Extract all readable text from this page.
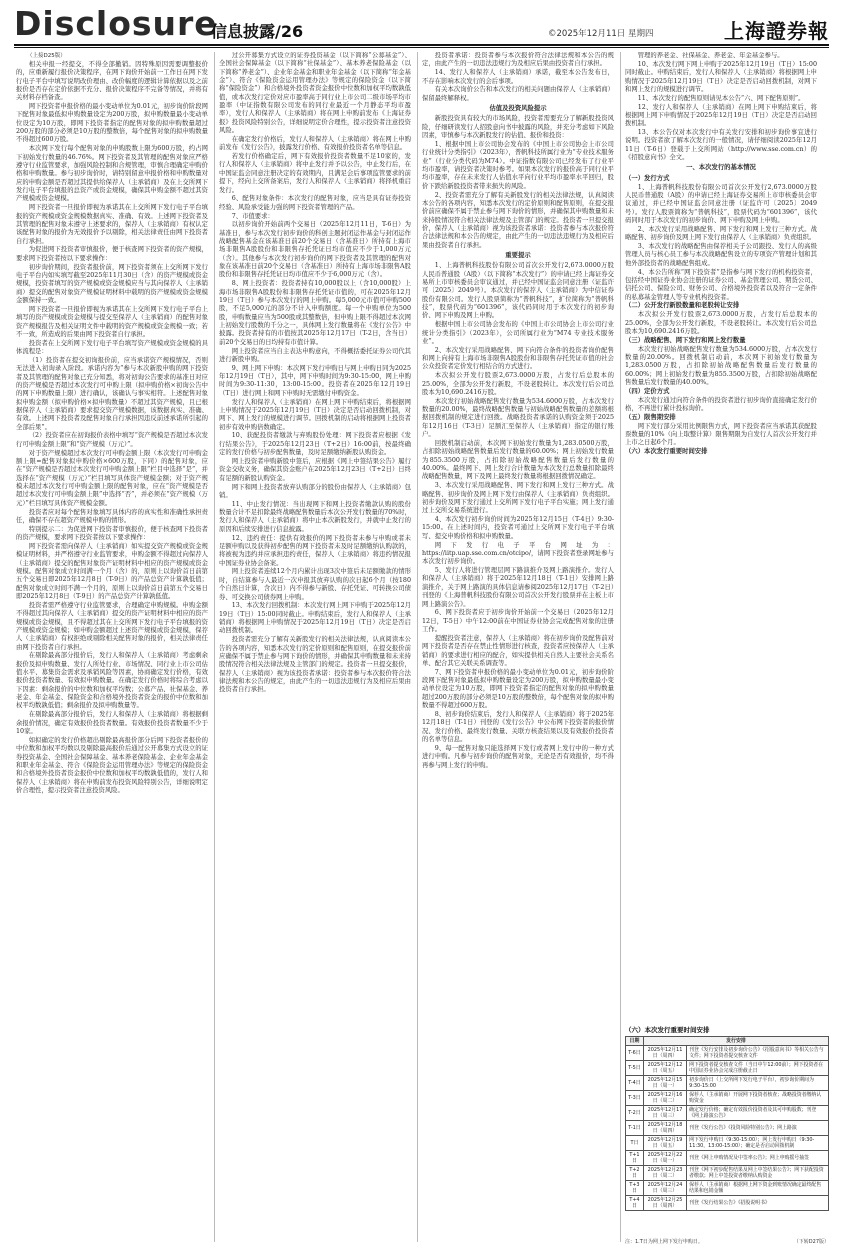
Disclosure
信息披露/26	©2025年12月11日 星期四	上海證券報

（上接D25版）

相关申报一经提交，不得全部撤销。因特殊原因需要调整报价的，应重新履行报价决策程序，在网下询价开始前一工作日在网下发行电子平台中填写说明改价理由、改价幅度的逻辑计算依据以及之前报价是否存在定价依据不充分、报价决策程序不完备等情况，并将有关材料存档备查。

网下投资者申报价格的最小变动单位为0.01元，初步询价阶段网下配售对象最低拟申购数量设定为200万股，拟申购数量最小变动单位设定为10万股，即网下投资者指定的配售对象的拟申购数量超过200万股的部分必须是10万股的整数倍，每个配售对象的拟申购数量不得超过600万股。

本次网下发行每个配售对象的申购股数上限为600万股，约占网下初始发行数量的46.76%。网下投资者及其管理的配售对象应严格遵守行业监管要求，加强风险控制和合规管理，审慎合理确定申购价格和申购数量。参与初步询价时，请特别留意申报价格和申购数量对应的申购金额是否超过其提供给保荐人（主承销商）及在上交所网下发行电子平台填报的总资产或资金规模，确保其申购金额不超过其资产规模或资金规模。

网下投资者一旦报价即视为承诺其在上交所网下发行电子平台填报的资产规模或资金规模数据真实、准确、有效。上述网下投资者及其管理的配售对象未遵守上述要求的，保荐人（主承销商）有权认定该配售对象的报价为无效报价予以剔除，相关法律责任由网下投资者自行承担。

为促进网下投资者审慎报价，便于核查网下投资者的资产规模，要求网下投资者按以下要求操作：

初步询价期间，投资者报价前，网下投资者须在上交所网下发行电子平台内如实填写截至2025年11月30日（含）的资产规模或资金规模，投资者填写的资产规模或资金规模应当与其向保荐人（主承销商）提交的配售对象资产规模证明材料中载明的资产规模或资金规模金额保持一致。

网下投资者一旦报价即视为承诺其在上交所网下发行电子平台上填写的资产规模或资金规模与提交至保荐人（主承销商）的配售对象资产规模报告及相关证明文件中载明的资产规模或资金规模一致；若不一致，所造成的后果由网下投资者自行承担。

投资者在上交所网下发行电子平台填写资产规模或资金规模的具体流程是：

（1）投资者在提交初询报价前，应当承诺资产规模情况，否则无法进入初询录入阶段。承诺内容为“参与本次新股申购的网下投资者及其管理的配售对象已充分知悉，将对初询公告要求的基准日对应的资产规模是否超过本次发行可申购上限（拟申购价格×初询公告中的网下申购数量上限）进行确认，该确认与事实相符。上述配售对象拟申购金额（拟申购价格×拟申购数量）不超过其资产规模，且已根据保荐人（主承销商）要求提交资产规模数据，该数据真实、准确、有效。上述网下投资者及配售对象自行承担因违反前述承诺所引起的全部后果”。

（2）投资者应在初询报价表格中填写“资产规模是否超过本次发行可申购金额上限”和“资产规模（万元）”。

对于资产规模超过本次发行可申购金额上限（本次发行可申购金额上限=配售对象拟申购价格×600万股，下同）的配售对象，应在“资产规模是否超过本次发行可申购金额上限”栏目中选择“是”，并选择在“资产规模（万元）”栏目填写具体资产规模金额；对于资产规模未超过本次发行可申购金额上限的配售对象，应在“资产规模是否超过本次发行可申购金额上限”中选择“否”，并必须在“资产规模（万元）”栏目填写具体资产规模金额。

投资者应对每个配售对象填写具体内容的真实性和准确性承担责任，确保不存在超资产规模申购的情形。

特别提示二：为促进网下投资者审慎报价，便于核查网下投资者的资产规模，要求网下投资者按以下要求操作：

网下投资者需向保荐人（主承销商）如实提交资产规模或资金规模证明材料，并严格遵守行业监管要求，申购金额不得超过向保荐人（主承销商）提交的配售对象资产证明材料中相应的资产规模或资金规模。配售对象成立时间满一个月（含）的，原则上以询价首日前第五个交易日即2025年12月8日（T-9日）的产品总资产计算孰低值；配售对象成立时间不满一个月的，原则上以询价首日前第五个交易日即2025年12月8日（T-9日）的产品总资产计算孰低值。

投资者需严格遵守行业监管要求，合理确定申购规模。申购金额不得超过其向保荐人（主承销商）提交的资产证明材料中相应的资产规模或资金规模，且不得超过其在上交所网下发行电子平台填报的资产规模或资金规模；如申购金额超过上述资产规模或资金规模，保荐人（主承销商）有权拒绝或剔除相关配售对象的报价，相关法律责任由网下投资者自行承担。

在剔除最高部分报价后，发行人和保荐人（主承销商）考虑剩余报价及拟申购数量、发行人所处行业、市场情况、同行业上市公司估值水平、募集资金需求及承销风险等因素，协商确定发行价格，有效报价投资者数量、有效拟申购数量。在确定发行价格时将综合考虑以下因素：剩余报价的中位数和加权平均数；公募产品、社保基金、养老金、年金基金、保险资金和合格境外投资者资金的报价中位数和加权平均数孰低值；剩余报价及拟申购数量等。

在剔除最高部分报价后，发行人和保荐人（主承销商）将根据剩余报价情况，确定有效报价投资者数量。有效报价投资者数量不少于10家。

如拟确定的发行价格超出剔除最高报价部分后网下投资者报价的中位数和加权平均数以及剔除最高报价后通过公开募集方式设立的证券投资基金、全国社会保障基金、基本养老保险基金、企业年金基金和职业年金基金、符合《保险资金运用管理办法》等规定的保险资金和合格境外投资者资金报价中位数和加权平均数孰低值的，发行人和保荐人（主承销商）将在申购前发布投资风险特别公告，详细说明定价合理性，提示投资者注意投资风险。

过公开募集方式设立的证券投资基金（以下简称“公募基金”）、全国社会保障基金（以下简称“社保基金”）、基本养老保险基金（以下简称“养老金”）、企业年金基金和职业年金基金（以下简称“年金基金”）、符合《保险资金运用管理办法》等规定的保险资金（以下简称“保险资金”）和合格境外投资者资金报价中位数和加权平均数孰低值，或本次发行定价对应市盈率高于同行业上市公司二级市场平均市盈率（中证指数有限公司发布的同行业最近一个月静态平均市盈率），发行人和保荐人（主承销商）将在网上申购前发布《上海证券报》投资风险特别公告，详细说明定价合理性，提示投资者注意投资风险。

在确定发行价格后，发行人和保荐人（主承销商）将在网上申购前发布《发行公告》，披露发行价格、有效报价投资者名单等信息。

若发行价格确定后，网下有效报价投资者数量不足10家的，发行人和保荐人（主承销商）将中止发行并予以公告，中止发行后，在中国证监会同意注册决定的有效期内，且满足会后事项监管要求的前提下，经向上交所备案后，发行人和保荐人（主承销商）将择机重启发行。

6、配售对象条件：本次发行的配售对象，应当是具有证券投资经验、风险承受能力强的网下投资者管理的产品。

7、市值要求：

以初步询价开始前两个交易日（2025年12月11日，T-6日）为基准日，参与本次发行初步询价的科创主题封闭运作基金与封闭运作战略配售基金在该基准日前20个交易日（含基准日）所持有上海市场非限售A股股份和非限售存托凭证日均市值应不少于1,000万元（含）。其他参与本次发行初步询价的网下投资者及其管理的配售对象在该基准日前20个交易日（含基准日）所持有上海市场非限售A股股份和非限售存托凭证日均市值应不少于6,000万元（含）。

8、网上投资者：投资者持有10,000股以上（含10,000股）上海市场非限售A股股份和非限售存托凭证市值的，可在2025年12月19日（T日）参与本次发行的网上申购。每5,000元市值可申购500股，不足5,000元的部分不计入申购额度。每一个申购单位为500股，申购数量应当为500股或其整数倍，但申购上限不得超过本次网上初始发行股数的千分之一，具体网上发行数量将在《发行公告》中披露。投资者持有的市值按其2025年12月17日（T-2日，含当日）前20个交易日的日均持有市值计算。

网上投资者应当自主表达申购意向，不得概括委托证券公司代其进行新股申购。

9、网上网下申购：本次网下发行申购日与网上申购日同为2025年12月19日（T日），其中，网下申购时间为9:30-15:00，网上申购时间为9:30-11:30，13:00-15:00。投资者在2025年12月19日（T日）进行网上和网下申购时无需缴付申购资金。

发行人和保荐人（主承销商）在网上网下申购结束后，将根据网上申购情况于2025年12月19日（T日）决定是否启动回拨机制，对网下、网上发行的规模进行调节。回拨机制的启动将根据网上投资者初步有效申购倍数确定。

10、获配投资者缴款与弃购股份处理：网下投资者应根据《发行结果公告》，于2025年12月23日（T+2日）16:00前，按最终确定的发行价格与初步配售数量，及时足额缴纳新股认购资金。

网上投资者申购新股中签后，应根据《网上中签结果公告》履行资金交收义务，确保其资金账户在2025年12月23日（T+2日）日终有足额的新股认购资金。

网下和网上投资者放弃认购部分的股份由保荐人（主承销商）包销。

11、中止发行情况：当出现网下和网上投资者缴款认购的股份数量合计不足扣除最终战略配售数量后本次公开发行数量的70%时，发行人和保荐人（主承销商）将中止本次新股发行，并就中止发行的原因和后续安排进行信息披露。

12、违约责任：提供有效报价的网下投资者未参与申购或者未足额申购以及获得初步配售的网下投资者未及时足额缴纳认购款的，将被视为违约并应承担违约责任，保荐人（主承销商）将违约情况报中国证券业协会备案。

网上投资者连续12个月内累计出现3次中签后未足额缴款的情形时，自结算参与人最近一次申报其放弃认购的次日起6个月（按180个自然日计算，含次日）内不得参与新股、存托凭证、可转换公司债券、可交换公司债券网上申购。

13、本次发行回拨机制：本次发行网上网下申购于2025年12月19日（T日）15:00同时截止。申购结束后，发行人和保荐人（主承销商）将根据网上申购情况于2025年12月19日（T日）决定是否启动回拨机制。

投资者需充分了解有关新股发行的相关法律法规，认真阅读本公告的各项内容，知悉本次发行的定价原则和配售原则，在提交报价前应确保不属于禁止参与网下询价的情形，并确保其申购数量和未来持股情况符合相关法律法规及主管部门的规定。投资者一旦提交报价，保荐人（主承销商）视为该投资者承诺：投资者参与本次报价符合法律法规和本公告的规定，由此产生的一切违法违规行为及相应后果由投资者自行承担。

投资者承诺：投资者参与本次报价符合法律法规和本公告的规定，由此产生的一切违法违规行为及相应后果由投资者自行承担。

14、发行人和保荐人（主承销商）承诺，截至本公告发布日，不存在影响本次发行的会后事项。

有关本次询价公告和本次发行的相关问题由保荐人（主承销商）保留最终解释权。

估值及投资风险提示

新股投资具有较大的市场风险，投资者需要充分了解新股投资风险，仔细研读发行人招股意向书中披露的风险，并充分考虑如下风险因素，审慎参与本次新股发行的估值、报价和投资：

1、根据中国上市公司协会发布的《中国上市公司协会上市公司行业统计分类指引》（2023年），普帆科技所属行业为“专业技术服务业”（行业分类代码为M74）。中证指数有限公司已经发布了行业平均市盈率，请投资者决策时参考。如果本次发行的报价高于同行业平均市盈率，存在未来发行人估值水平向行业平均市盈率水平回归，股价下跌给新股投资者带来损失的风险。

2、投资者需充分了解有关新股发行的相关法律法规，认真阅读本公告的各项内容，知悉本次发行的定价原则和配售原则，在提交报价前应确保不属于禁止参与网下询价的情形，并确保其申购数量和未来持股情况符合相关法律法规及主管部门的规定。投资者一旦提交报价，保荐人（主承销商）视为该投资者承诺：投资者参与本次报价符合法律法规和本公告的规定，由此产生的一切违法违规行为及相应后果由投资者自行承担。

重要提示

1、上海普帆科技股份有限公司首次公开发行2,673.0000万股人民币普通股（A股）（以下简称“本次发行”）的申请已经上海证券交易所上市审核委员会审议通过，并已经中国证监会同意注册（证监许可〔2025〕2049号）。本次发行的保荐人（主承销商）为中信证券股份有限公司。发行人股票简称为“普帆科技”，扩位简称为“普帆科技”，股票代码为“601396”，该代码同时用于本次发行的初步询价、网下申购及网上申购。

根据中国上市公司协会发布的《中国上市公司协会上市公司行业统计分类指引》（2023年），公司所属行业为“M74 专业技术服务业”。

2、本次发行采用战略配售、网下向符合条件的投资者询价配售和网上向持有上海市场非限售A股股份和非限售存托凭证市值的社会公众投资者定价发行相结合的方式进行。

本次拟公开发行股票2,673.0000万股，占发行后总股本的25.00%，全部为公开发行新股，不设老股转让。本次发行后公司总股本为10,690.2416万股。

本次发行初始战略配售发行数量为534.6000万股，占本次发行数量的20.00%，最终战略配售数量与初始战略配售数量的差额将根据回拨机制的规定进行回拨。战略投资者承诺的认购资金须于2025年12月16日（T-3日）足额汇至保荐人（主承销商）指定的银行账户。

回拨机制启动前，本次网下初始发行数量为1,283.0500万股，占扣除初始战略配售数量后发行数量的60.00%；网上初始发行数量为855.3500万股，占扣除初始战略配售数量后发行数量的40.00%。最终网下、网上发行合计数量为本次发行总数量扣除最终战略配售数量，网下及网上最终发行数量将根据回拨情况确定。

3、本次发行采用战略配售、网下发行和网上发行三种方式。战略配售、初步询价及网上网下发行由保荐人（主承销商）负责组织。初步询价及网下发行通过上交所网下发行电子平台实施；网上发行通过上交所交易系统进行。

4、本次发行初步询价时间为2025年12月15日（T-4日）9:30-15:00。在上述时间内，投资者可通过上交所网下发行电子平台填写、提交申购价格和拟申购数量。

网下发行电子平台网址为：https://iitp.uap.sse.com.cn/otcipo/，请网下投资者登录网址参与本次发行初步询价。

5、发行人将进行管理层网下路演推介及网上路演推介。发行人和保荐人（主承销商）将于2025年12月18日（T-1日）安排网上路演推介，关于网上路演的具体信息请参阅2025年12月17日（T-2日）刊登的《上海普帆科技股份有限公司首次公开发行股票并在主板上市网上路演公告》。

6、网下投资者应于初步询价开始前一个交易日（2025年12月12日，T-5日）中午12:00前在中国证券业协会完成配售对象的注册工作。

提醒投资者注意，保荐人（主承销商）将在初步询价及配售前对网下投资者是否存在禁止性情形进行核查，投资者应按保荐人（主承销商）的要求进行相应的配合，如实提供相关自然人主要社会关系名单、配合其它关联关系调查等。

7、网下投资者申报价格的最小变动单位为0.01元，初步询价阶段网下配售对象最低拟申购数量设定为200万股，拟申购数量最小变动单位设定为10万股，即网下投资者指定的配售对象的拟申购数量超过200万股的部分必须是10万股的整数倍，每个配售对象的拟申购数量不得超过600万股。

8、初步询价结束后，发行人和保荐人（主承销商）将于2025年12月18日（T-1日）刊登的《发行公告》中公布网下投资者的报价情况、发行价格、最终发行数量、关联方核查结果以及有效报价投资者的名单等信息。

9、每一配售对象只能选择网下发行或者网上发行中的一种方式进行申购。凡参与初步询价的配售对象，无论是否有效报价，均不得再参与网上发行的申购。

管理的养老金、社保基金、养老金、年金基金参与。

10、本次发行网下网上申购于2025年12月19日（T日）15:00同时截止。申购结束后，发行人和保荐人（主承销商）将根据网上申购情况于2025年12月19日（T日）决定是否启动回拨机制，对网下和网上发行的规模进行调节。

11、本次发行的配售原则请见本公告“六、网下配售原则”。

12、发行人和保荐人（主承销商）在网上网下申购结束后，将根据网上网下申购情况于2025年12月19日（T日）决定是否启动回拨机制。

13、本公告仅对本次发行中有关发行安排和初步询价事宜进行说明。投资者欲了解本次发行的一般情况，请仔细阅读2025年12月11日（T-6日）登载于上交所网站（http://www.sse.com.cn）的《招股意向书》全文。

一、本次发行的基本情况

（一）发行方式

1、上海普帆科技股份有限公司首次公开发行2,673.0000万股人民币普通股（A股）的申请已经上海证券交易所上市审核委员会审议通过，并已经中国证监会同意注册（证监许可〔2025〕2049号）。发行人股票简称为“普帆科技”，股票代码为“601396”，该代码同时用于本次发行的初步询价、网下申购及网上申购。

2、本次发行采用战略配售、网下发行和网上发行三种方式。战略配售、初步询价及网上网下发行由保荐人（主承销商）负责组织。

3、本次发行的战略配售由保荐相关子公司跟投、发行人的高级管理人员与核心员工参与本次战略配售设立的专项资产管理计划和其他外部投资者的战略配售组成。

4、本公告所称“网下投资者”是指参与网下发行的机构投资者，包括经中国证券业协会注册的证券公司、基金管理公司、期货公司、信托公司、保险公司、财务公司、合格境外投资者以及符合一定条件的私募基金管理人等专业机构投资者。

（二）公开发行新股数量和老股转让安排

本次拟公开发行股票2,673.0000万股，占发行后总股本的25.00%，全部为公开发行新股，不设老股转让。本次发行后公司总股本为10,690.2416万股。

（三）战略配售、网下发行和网上发行数量

本次发行初始战略配售发行数量为534.6000万股，占本次发行数量的20.00%。回拨机制启动前，本次网下初始发行数量为1,283.0500万股，占扣除初始战略配售数量后发行数量的60.00%；网上初始发行数量为855.3500万股，占扣除初始战略配售数量后发行数量的40.00%。

（四）定价方式

本次发行通过向符合条件的投资者进行初步询价直接确定发行价格，不再进行累计投标询价。

（五）限售期安排

网下发行部分采用比例限售方式，网下投资者应当承诺其获配股票数量的10%（向上取整计算）限售期限为自发行人首次公开发行并上市之日起6个月。

（六）本次发行重要时间安排

（六）本次发行重要时间安排
日期	发行安排	
T-6日	2025年12月11日（周四）	刊登《发行安排及初步询价公告》《招股意向书》等相关公告与文件；网下投资者提交核查文件
T-5日	2025年12月12日（周五）	网下投资者提交核查文件（当日中午12:00前）；网下投资者在中国证券业协会完成注册截止日
T-4日	2025年12月15日（周一）	初步询价日（上交所网下发行电子平台），初步询价期间为9:30-15:00
T-3日	2025年12月16日（周二）	保荐人（主承销商）开展网下投资者核查；战略投资者缴纳认购资金
T-2日	2025年12月17日（周三）	确定发行价格；确定有效报价投资者及其可申购股数；刊登《网上路演公告》
T-1日	2025年12月18日（周四）	刊登《发行公告》《投资风险特别公告》；网上路演
T日	2025年12月19日（周五）	网下发行申购日（9:30-15:00）；网上发行申购日（9:30-11:30，13:00-15:00）；确定是否启动回拨机制
T+1日	2025年12月22日（周一）	刊登《网上申购情况及中签率公告》；网上申购摇号抽签
T+2日	2025年12月23日（周二）	刊登《网下初步配售结果及网上中签结果公告》；网下获配投资者缴款；网上中签投资者缴纳认购资金
T+3日	2025年12月24日（周三）	保荐人（主承销商）根据网上网下资金到账情况确定最终配售结果和包销金额
T+4日	2025年12月25日（周四）	刊登《发行结果公告》《招股说明书》
注：1.T日为网上网下发行申购日。	（下转D27版）
